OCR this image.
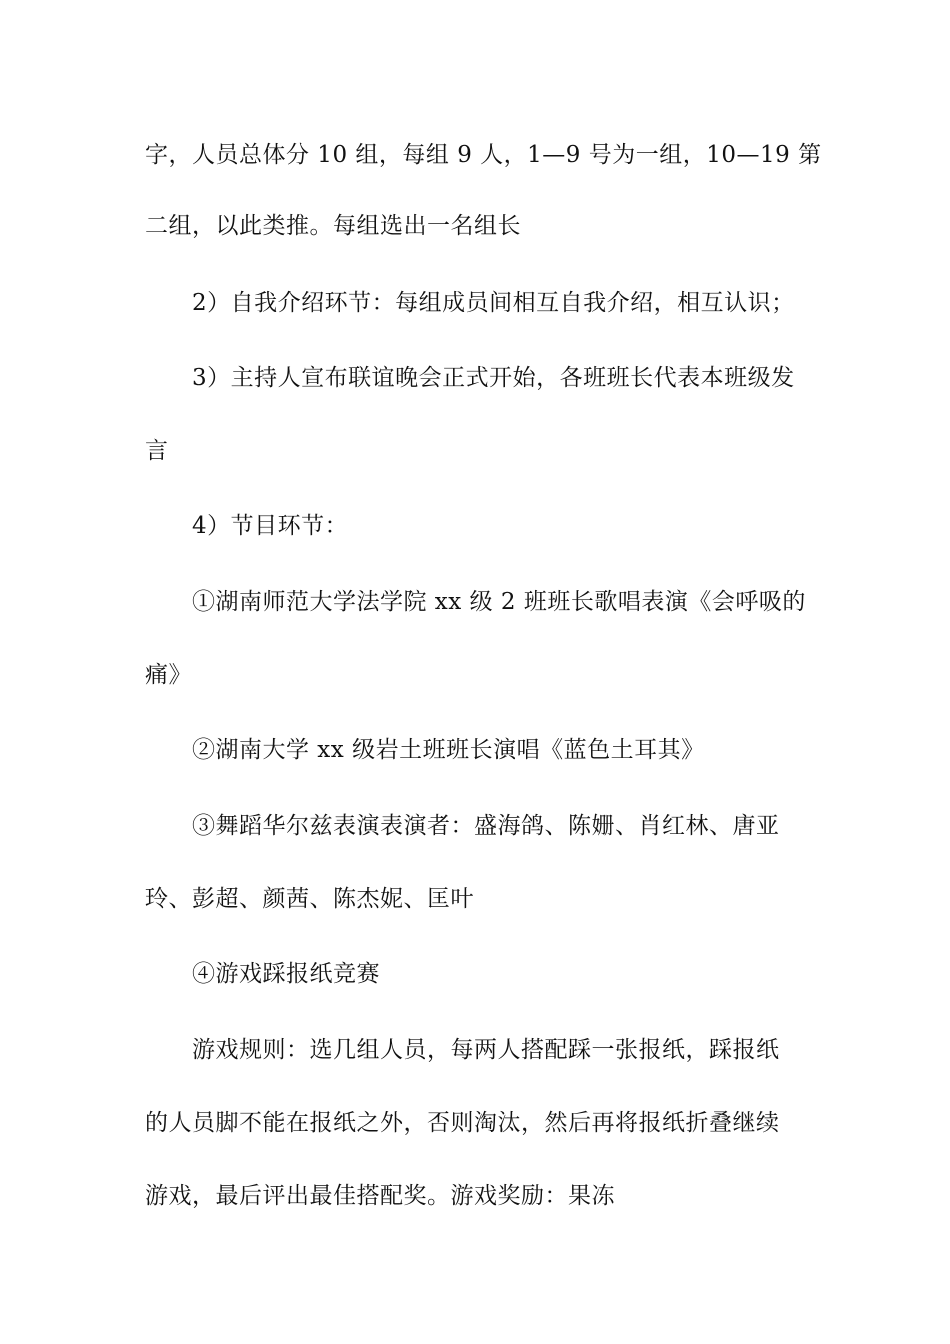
字，人员总体分 10 组，每组 9 人，1—9 号为一组，10—19 第
二组，以此类推。每组选出一名组长
2）自我介绍环节：每组成员间相互自我介绍，相互认识；
3）主持人宣布联谊晚会正式开始，各班班长代表本班级发
言
4）节目环节：
①湖南师范大学法学院 xx 级 2 班班长歌唱表演《会呼吸的
痛》
②湖南大学 xx 级岩土班班长演唱《蓝色土耳其》
③舞蹈华尔兹表演表演者：盛海鸽、陈姗、肖红林、唐亚
玲、彭超、颜茜、陈杰妮、匡叶
④游戏踩报纸竞赛
游戏规则：选几组人员，每两人搭配踩一张报纸，踩报纸
的人员脚不能在报纸之外，否则淘汰，然后再将报纸折叠继续
游戏，最后评出最佳搭配奖。游戏奖励：果冻
